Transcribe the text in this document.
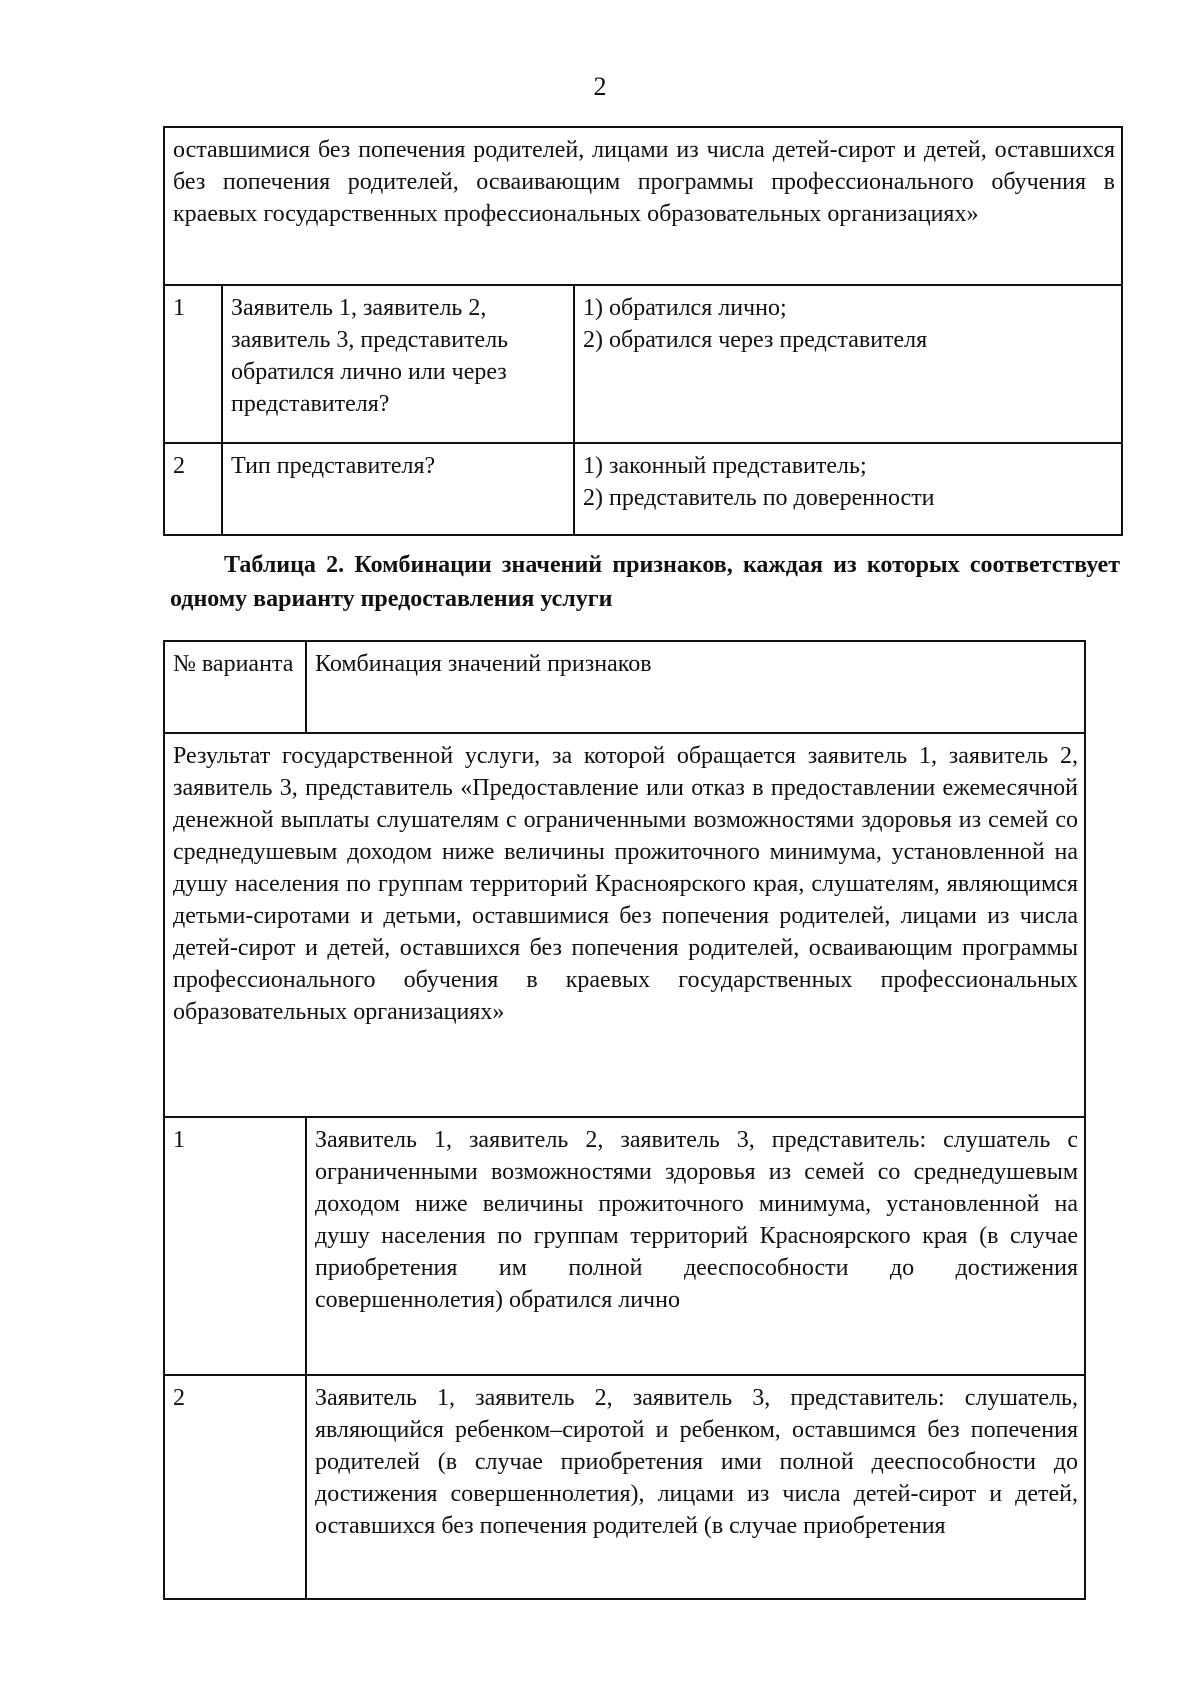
2
оставшимися без попечения родителей, лицами из числа детей-сирот и детей, оставшихся без попечения родителей, осваивающим программы профессионального обучения в краевых государственных профессиональных образовательных организациях»		
1	Заявитель 1, заявитель 2, заявитель 3, представитель обратился лично или через представителя?	1) обратился лично;
2) обратился через представителя

2	Тип представителя?	1) законный представитель;
2) представитель по доверенности
Таблица 2. Комбинации значений признаков, каждая из которых соответствует одному варианту предоставления услуги
№ варианта	Комбинация значений признаков
Результат государственной услуги, за которой обращается заявитель 1, заявитель 2, заявитель 3, представитель «Предоставление или отказ в предоставлении ежемесячной денежной выплаты слушателям с ограниченными возможностями здоровья из семей со среднедушевым доходом ниже величины прожиточного минимума, установленной на душу населения по группам территорий Красноярского края, слушателям, являющимся детьми-сиротами и детьми, оставшимися без попечения родителей, лицами из числа детей-сирот и детей, оставшихся без попечения родителей, осваивающим программы профессионального обучения в краевых государственных профессиональных образовательных организациях»	
1	Заявитель 1, заявитель 2, заявитель 3, представитель: слушатель с ограниченными возможностями здоровья из семей со среднедушевым доходом ниже величины прожиточного минимума, установленной на душу населения по группам территорий Красноярского края (в случае приобретения им полной дееспособности до достижения совершеннолетия) обратился лично
2	Заявитель 1, заявитель 2, заявитель 3, представитель: слушатель, являющийся ребенком–сиротой и ребенком, оставшимся без попечения родителей (в случае приобретения ими полной дееспособности до достижения совершеннолетия), лицами из числа детей-сирот и детей, оставшихся без попечения родителей (в случае приобретения
